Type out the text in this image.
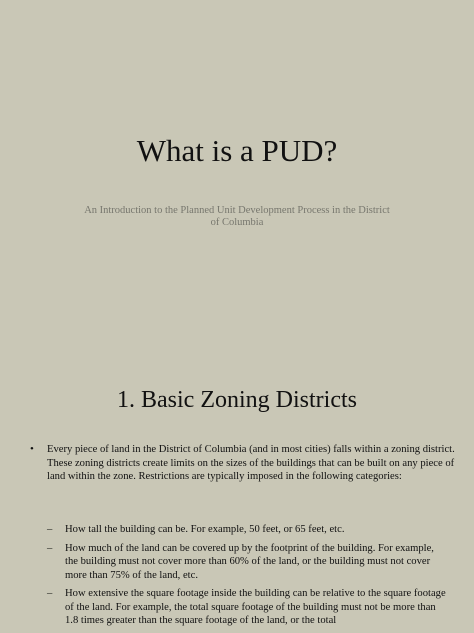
What is a PUD?
An Introduction to the Planned Unit Development Process in the District of Columbia
1. Basic Zoning Districts
• Every piece of land in the District of Columbia (and in most cities) falls within a zoning district. These zoning districts create limits on the sizes of the buildings that can be built on any piece of land within the zone. Restrictions are typically imposed in the following categories:
– How tall the building can be. For example, 50 feet, or 65 feet, etc.
– How much of the land can be covered up by the footprint of the building. For example, the building must not cover more than 60% of the land, or the building must not cover more than 75% of the land, etc.
– How extensive the square footage inside the building can be relative to the square footage of the land. For example, the total square footage of the building must not be more than 1.8 times greater than the square footage of the land, or the total
